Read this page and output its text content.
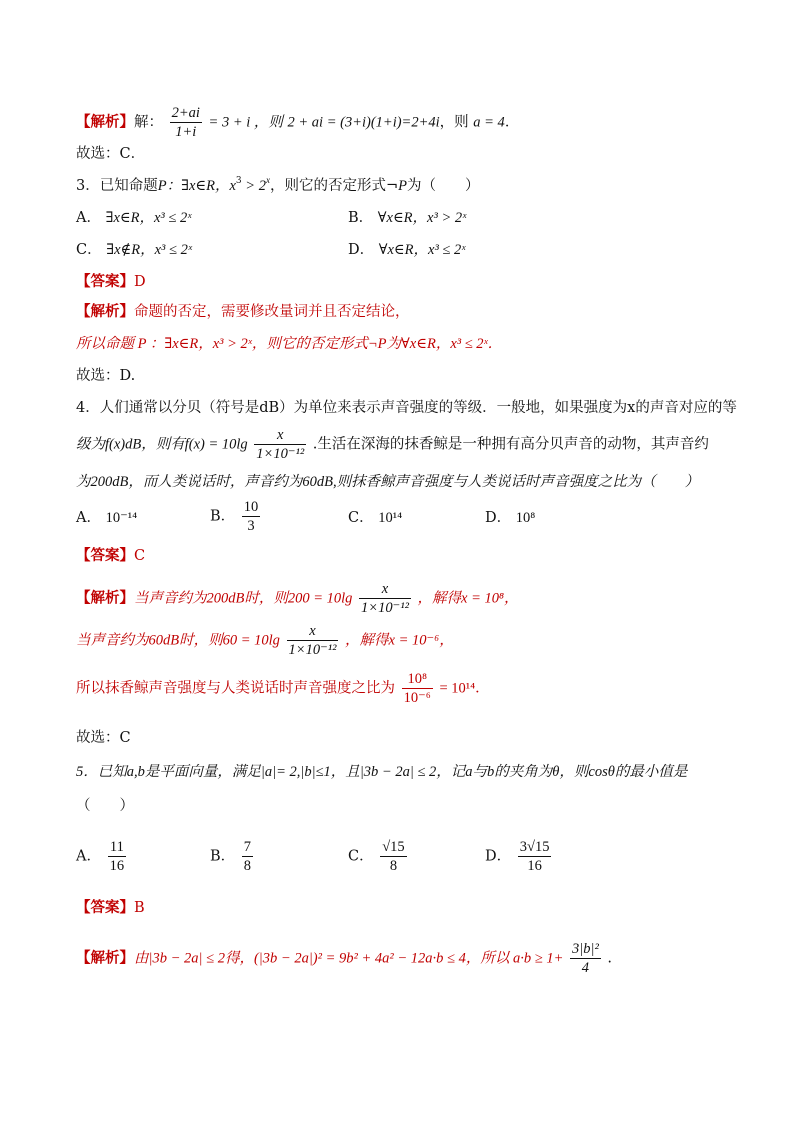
【解析】解： $\frac{2+ai}{1+i} = 3 + i$ ，则 2 + ai = (3+i)(1+i)=2+4i，则 a = 4．
故选：C．
3．已知命题P：∃x∈R，$x^3 > 2^x$，则它的否定形式¬P为（　　）
A． ∃x∈R，x³ ≤ 2ˣ	B． ∀x∈R，x³ > 2ˣ
C． ∃x∉R，x³ ≤ 2ˣ	D． ∀x∈R，x³ ≤ 2ˣ
【答案】D
【解析】命题的否定，需要修改量词并且否定结论，
所以命题 P ：∃x∈R，x³ > 2ˣ，则它的否定形式¬P为∀x∈R，x³ ≤ 2ˣ．
故选：D.
4．人们通常以分贝（符号是dB）为单位来表示声音强度的等级．一般地，如果强度为x的声音对应的等
级为f(x)dB，则有$f(x) = 10\lg \frac{x}{\text{1×10⁻¹²}}$ .生活在深海的抹香鲸是一种拥有高分贝声音的动物，其声音约
为200dB，而人类说话时，声音约为60dB,则抹香鲸声音强度与人类说话时声音强度之比为（　　）
A． 10⁻¹⁴	B． $\frac{10}{3}$	C． 10¹⁴	D． 10⁸
【答案】C
【解析】当声音约为200dB时，则$200 = 10\lg \frac{x}{\text{1×10⁻¹²}}$ ，解得x = 10⁸，
当声音约为60dB时，则$60 = 10\lg \frac{x}{\text{1×10⁻¹²}}$ ，解得x = 10⁻⁶，
所以抹香鲸声音强度与人类说话时声音强度之比为 $\frac{\text{10⁸}}{\text{10⁻⁶}} = 10^{14}$．
故选：C
5．已知a,b是平面向量，满足|a|= 2,|b|≤1，且|3b − 2a| ≤ 2，记a与b的夹角为θ，则cosθ的最小值是
（　　）
A． $\frac{11}{16}$	B． $\frac{7}{8}$	C． $\frac{√15}{8}$	D． $\frac{3√15}{16}$
【答案】B
【解析】由|3b − 2a| ≤ 2得，(|3b − 2a|)² = 9b² + 4a² − 12a·b ≤ 4，所以 $a\cdot b \ge 1+ \frac{\text{3|b|²}}{4}$ .
